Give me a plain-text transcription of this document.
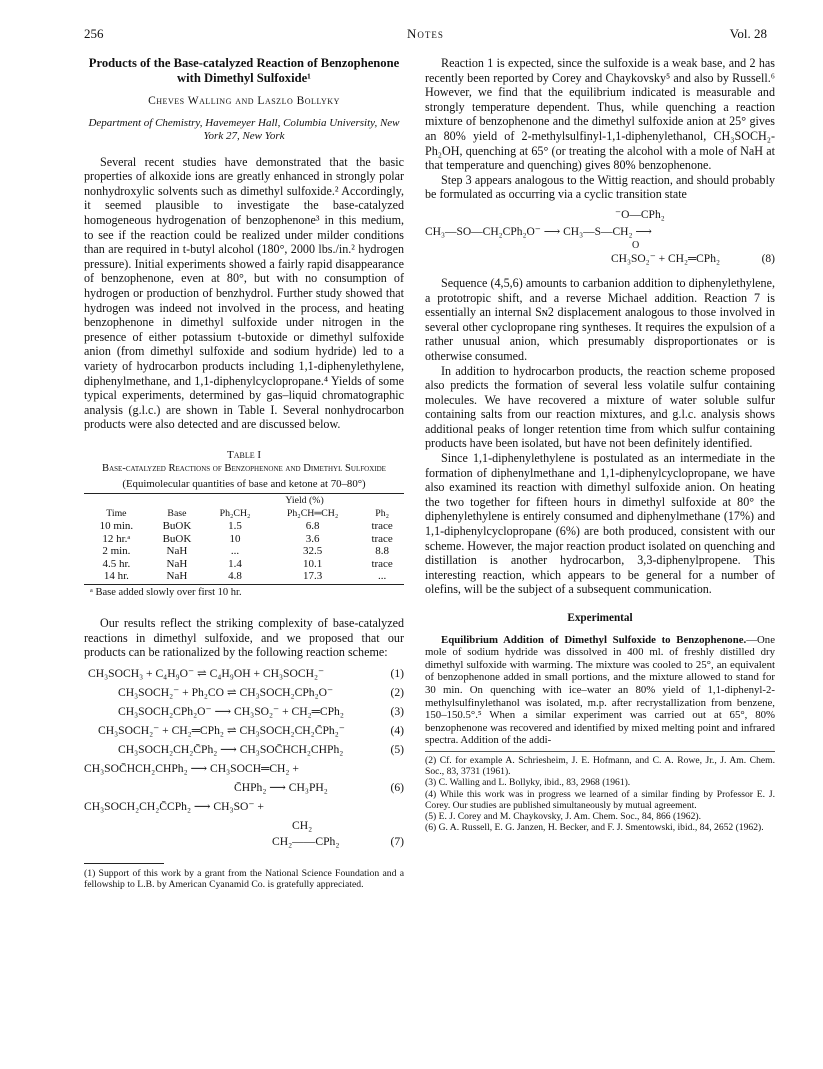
256	Notes	Vol. 28
Products of the Base-catalyzed Reaction of Benzophenone with Dimethyl Sulfoxide¹
Cheves Walling and Laszlo Bollyky
Department of Chemistry, Havemeyer Hall, Columbia University, New York 27, New York

Several recent studies have demonstrated that the basic properties of alkoxide ions are greatly enhanced in strongly polar nonhydroxylic solvents such as dimethyl sulfoxide.² Accordingly, it seemed plausible to investigate the base-catalyzed homogeneous hydrogenation of benzophenone³ in this medium, to see if the reaction could be realized under milder conditions than are required in t-butyl alcohol (180°, 2000 lbs./in.² hydrogen pressure). Initial experiments showed a fairly rapid disappearance of benzophenone, even at 80°, but with no consumption of hydrogen or production of benzhydrol. Further study showed that hydrogen was indeed not involved in the process, and heating benzophenone in dimethyl sulfoxide under nitrogen in the presence of either potassium t-butoxide or dimethyl sulfoxide anion (from dimethyl sulfoxide and sodium hydride) led to a variety of hydrocarbon products including 1,1-diphenylethylene, diphenylmethane, and 1,1-diphenylcyclopropane.⁴ Yields of some typical experiments, determined by gas–liquid chromatographic analysis (g.l.c.) are shown in Table I. Several nonhydrocarbon products were also detected and are discussed below.

Table I
Base-catalyzed Reactions of Benzophenone and Dimethyl Sulfoxide
(Equimolecular quantities of base and ketone at 70–80°)
		Yield (%)		
Time	Base	Ph₂CH₂	Ph₂CH═CH₂	Ph₂
10 min.	BuOK	1.5	6.8	trace
12 hr.ᵃ	BuOK	10	3.6	trace
2 min.	NaH	...	32.5	8.8
4.5 hr.	NaH	1.4	10.1	trace
14 hr.	NaH	4.8	17.3	...
ᵃ Base added slowly over first 10 hr.

Our results reflect the striking complexity of base-catalyzed reactions in dimethyl sulfoxide, and we proposed that our products can be rationalized by the following reaction scheme:

CH₃SOCH₃ + C₄H₉O⁻ ⇌ C₄H₉OH + CH₃SOCH₂⁻	(1)
CH₃SOCH₂⁻ + Ph₂CO ⇌ CH₃SOCH₂CPh₂O⁻	(2)
CH₃SOCH₂CPh₂O⁻ ⟶ CH₃SO₂⁻ + CH₂═CPh₂	(3)
CH₃SOCH₂⁻ + CH₂═CPh₂ ⇌ CH₃SOCH₂CH₂C̄Ph₂⁻	(4)
CH₃SOCH₂CH₂C̄Ph₂ ⟶ CH₃SOC̄HCH₂CHPh₂	(5)
CH₃SOC̄HCH₂CHPh₂ ⟶ CH₃SOCH═CH₂ +
C̄HPh₂ ⟶ CH₃PH₂	(6)
CH₃SOCH₂CH₂C̄CPh₂ ⟶ CH₃SO⁻ +
CH₂
CH₂——CPh₂	(7)
(1) Support of this work by a grant from the National Science Foundation and a fellowship to L.B. by American Cyanamid Co. is gratefully appreciated.

Reaction 1 is expected, since the sulfoxide is a weak base, and 2 has recently been reported by Corey and Chaykovsky⁵ and also by Russell.⁶ However, we find that the equilibrium indicated is measurable and strongly temperature dependent. Thus, while quenching a reaction mixture of benzophenone and the dimethyl sulfoxide anion at 25° gives an 80% yield of 2-methylsulfinyl-1,1-diphenylethanol, CH₃SOCH₂-Ph₂OH, quenching at 65° (or treating the alcohol with a mole of NaH at that temperature and quenching) gives 80% benzophenone.

Step 3 appears analogous to the Wittig reaction, and should probably be formulated as occurring via a cyclic transition state

⁻O—CPh₂
CH₃—SO—CH₂CPh₂O⁻ ⟶ CH₃—S—CH₂ ⟶
O
CH₃SO₂⁻ + CH₂═CPh₂	(8)

Sequence (4,5,6) amounts to carbanion addition to diphenylethylene, a prototropic shift, and a reverse Michael addition. Reaction 7 is essentially an internal Sɴ2 displacement analogous to those involved in several other cyclopropane ring syntheses. It requires the expulsion of a rather unusual anion, which presumably disproportionates or is otherwise consumed.

In addition to hydrocarbon products, the reaction scheme proposed also predicts the formation of several less volatile sulfur containing molecules. We have recovered a mixture of water soluble sulfur containing salts from our reaction mixtures, and g.l.c. analysis shows additional peaks of longer retention time from which sulfur containing products have been isolated, but have not been definitely identified.

Since 1,1-diphenylethylene is postulated as an intermediate in the formation of diphenylmethane and 1,1-diphenylcyclopropane, we have also examined its reaction with dimethyl sulfoxide anion. On heating the two together for fifteen hours in dimethyl sulfoxide at 80° the diphenylethylene is entirely consumed and diphenylmethane (17%) and 1,1-diphenylcyclopropane (6%) are both produced, consistent with our scheme. However, the major reaction product isolated on quenching and distillation is another hydrocarbon, 3,3-diphenylpropene. This interesting reaction, which appears to be general for a number of olefins, will be the subject of a subsequent communication.

Experimental

Equilibrium Addition of Dimethyl Sulfoxide to Benzophenone.—One mole of sodium hydride was dissolved in 400 ml. of freshly distilled dry dimethyl sulfoxide with warming. The mixture was cooled to 25°, an equivalent of benzophenone added in small portions, and the mixture allowed to stand for 30 min. On quenching with ice–water an 80% yield of 1,1-diphenyl-2-methylsulfinylethanol was isolated, m.p. after recrystallization from benzene, 150–150.5°.⁵ When a similar experiment was carried out at 65°, 80% benzophenone was recovered and identified by mixed melting point and infrared spectra. Addition of the addi-

(2) Cf. for example A. Schriesheim, J. E. Hofmann, and C. A. Rowe, Jr., J. Am. Chem. Soc., 83, 3731 (1961).
(3) C. Walling and L. Bollyky, ibid., 83, 2968 (1961).
(4) While this work was in progress we learned of a similar finding by Professor E. J. Corey. Our studies are published simultaneously by mutual agreement.
(5) E. J. Corey and M. Chaykovsky, J. Am. Chem. Soc., 84, 866 (1962).
(6) G. A. Russell, E. G. Janzen, H. Becker, and F. J. Smentowski, ibid., 84, 2652 (1962).
